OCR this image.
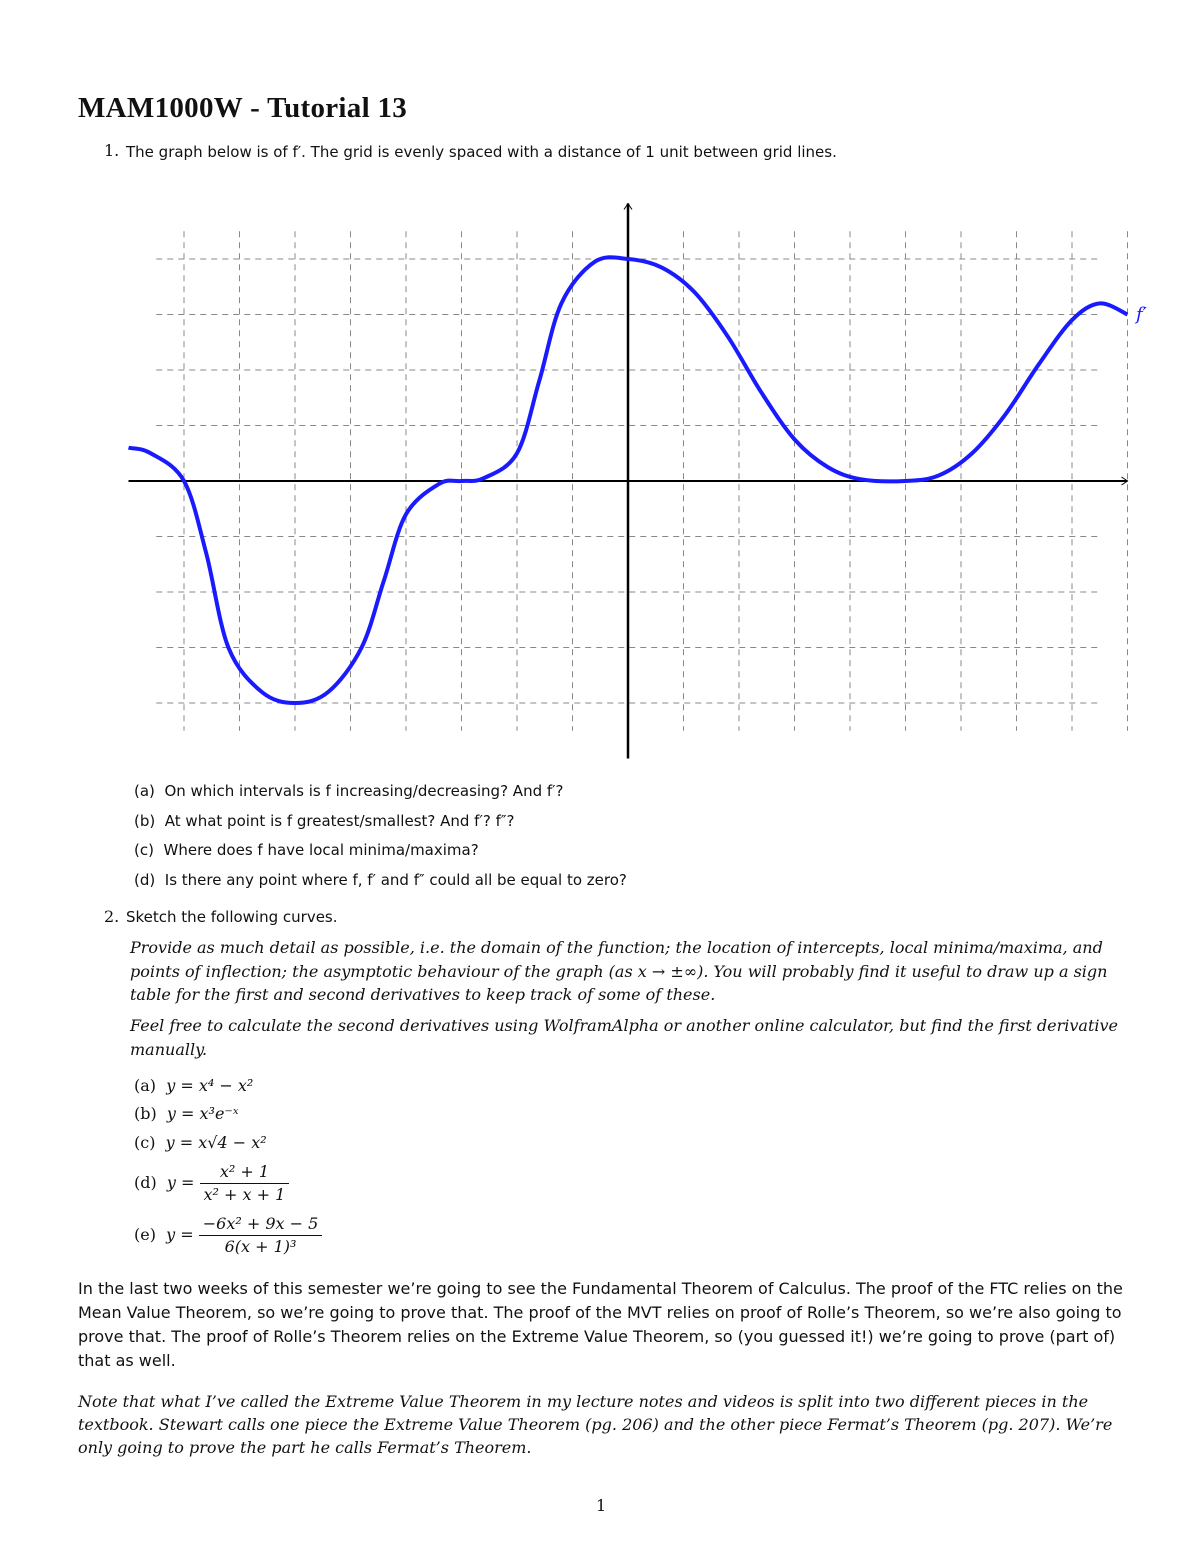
MAM1000W - Tutorial 13
1. The graph below is of f′. The grid is evenly spaced with a distance of 1 unit between grid lines.
f′
(a) On which intervals is f increasing/decreasing? And f′?
(b) At what point is f greatest/smallest? And f′? f″?
(c) Where does f have local minima/maxima?
(d) Is there any point where f, f′ and f″ could all be equal to zero?
2. Sketch the following curves.
Provide as much detail as possible, i.e. the domain of the function; the location of intercepts, local minima/maxima, and points of inflection; the asymptotic behaviour of the graph (as x → ±∞). You will probably find it useful to draw up a sign table for the first and second derivatives to keep track of some of these.
Feel free to calculate the second derivatives using WolframAlpha or another online calculator, but find the first derivative manually.
(a) y = x⁴ − x²
(b) y = x³e⁻ˣ
(c) y = x√4 − x²
(d) $y = \frac{\text{x² + 1}}{\text{x² + x + 1}}$
(e) $y = \frac{\text{−6x² + 9x − 5}}{\text{6(x + 1)³}}$
In the last two weeks of this semester we’re going to see the Fundamental Theorem of Calculus. The proof of the FTC relies on the Mean Value Theorem, so we’re going to prove that. The proof of the MVT relies on proof of Rolle’s Theorem, so we’re also going to prove that. The proof of Rolle’s Theorem relies on the Extreme Value Theorem, so (you guessed it!) we’re going to prove (part of) that as well.
Note that what I’ve called the Extreme Value Theorem in my lecture notes and videos is split into two different pieces in the textbook. Stewart calls one piece the Extreme Value Theorem (pg. 206) and the other piece Fermat’s Theorem (pg. 207). We’re only going to prove the part he calls Fermat’s Theorem.
1
